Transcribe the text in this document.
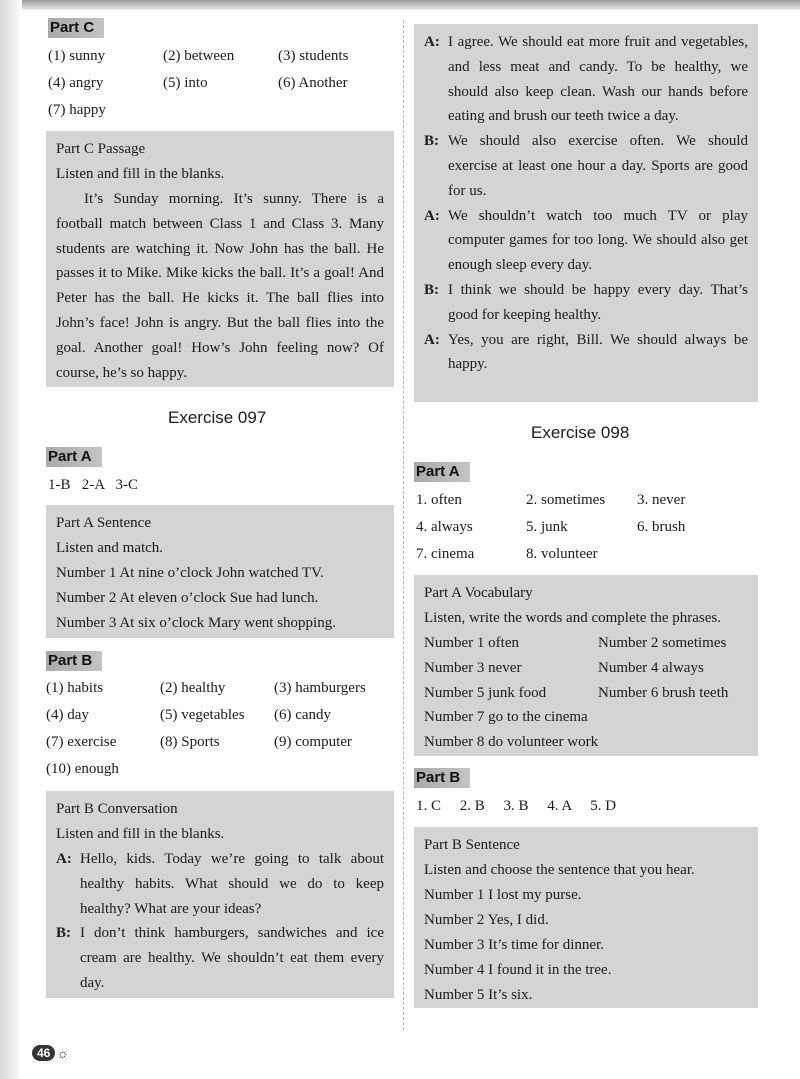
Part C
(1) sunny	(2) between	(3) students
(4) angry	(5) into	(6) Another
(7) happy
Part C Passage
Listen and fill in the blanks.
It’s Sunday morning. It’s sunny. There is a football match between Class 1 and Class 3. Many students are watching it. Now John has the ball. He passes it to Mike. Mike kicks the ball. It’s a goal! And Peter has the ball. He kicks it. The ball flies into John’s face! John is angry. But the ball flies into the goal. Another goal! How’s John feeling now? Of course, he’s so happy.
Exercise 097
Part A
1-B   2-A   3-C
Part A Sentence
Listen and match.
Number 1 At nine o’clock John watched TV.
Number 2 At eleven o’clock Sue had lunch.
Number 3 At six o’clock Mary went shopping.
Part B
(1) habits	(2) healthy	(3) hamburgers
(4) day	(5) vegetables	(6) candy
(7) exercise	(8) Sports	(9) computer
(10) enough
Part B Conversation
Listen and fill in the blanks.
A: Hello, kids. Today we’re going to talk about healthy habits. What should we do to keep healthy? What are your ideas?
B: I don’t think hamburgers, sandwiches and ice cream are healthy. We shouldn’t eat them every day.
46 ☼
A: I agree. We should eat more fruit and vegetables, and less meat and candy. To be healthy, we should also keep clean. Wash our hands before eating and brush our teeth twice a day.
B: We should also exercise often. We should exercise at least one hour a day. Sports are good for us.
A: We shouldn’t watch too much TV or play computer games for too long. We should also get enough sleep every day.
B: I think we should be happy every day. That’s good for keeping healthy.
A: Yes, you are right, Bill. We should always be happy.
Exercise 098
Part A
1. often	2. sometimes	3. never
4. always	5. junk	6. brush
7. cinema	8. volunteer
Part A Vocabulary
Listen, write the words and complete the phrases.
Number 1 often	Number 2 sometimes
Number 3 never	Number 4 always
Number 5 junk food	Number 6 brush teeth
Number 7 go to the cinema
Number 8 do volunteer work
Part B
1. C     2. B     3. B     4. A     5. D
Part B Sentence
Listen and choose the sentence that you hear.
Number 1 I lost my purse.
Number 2 Yes, I did.
Number 3 It’s time for dinner.
Number 4 I found it in the tree.
Number 5 It’s six.
